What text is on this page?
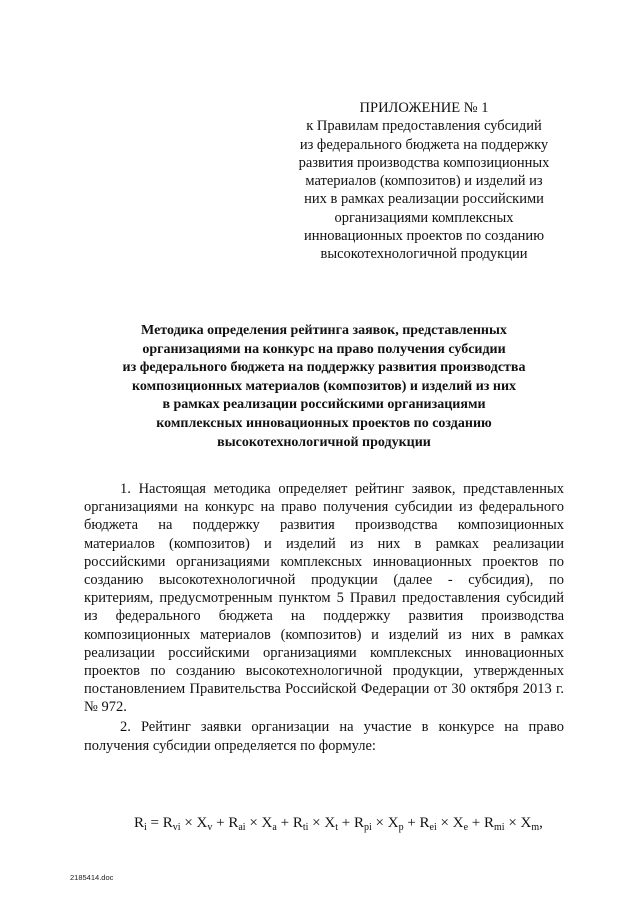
ПРИЛОЖЕНИЕ № 1
к Правилам предоставления субсидий
из федерального бюджета на поддержку
развития производства композиционных
материалов (композитов) и изделий из
них в рамках реализации российскими
организациями комплексных
инновационных проектов по созданию
высокотехнологичной продукции
Методика определения рейтинга заявок, представленных
организациями на конкурс на право получения субсидии
из федерального бюджета на поддержку развития производства
композиционных материалов (композитов) и изделий из них
в рамках реализации российскими организациями
комплексных инновационных проектов по созданию
высокотехнологичной продукции
1. Настоящая методика определяет рейтинг заявок, представленных
организациями на конкурс на право получения субсидии из федерального
бюджета на поддержку развития производства композиционных
материалов (композитов) и изделий из них в рамках реализации
российскими организациями комплексных инновационных проектов по
созданию высокотехнологичной продукции (далее - субсидия), по
критериям, предусмотренным пунктом 5 Правил предоставления субсидий
из федерального бюджета на поддержку развития производства
композиционных материалов (композитов) и изделий из них в рамках
реализации российскими организациями комплексных инновационных
проектов по созданию высокотехнологичной продукции, утвержденных
постановлением Правительства Российской Федерации от 30 октября 2013 г.
№ 972.
2. Рейтинг заявки организации на участие в конкурсе на право
получения субсидии определяется по формуле:
$R_i = R_{vi} \times X_v + R_{ai} \times X_a + R_{ti} \times X_t + R_{pi} \times X_p + R_{ei} \times X_e + R_{mi} \times X_m$,
2185414.doc
